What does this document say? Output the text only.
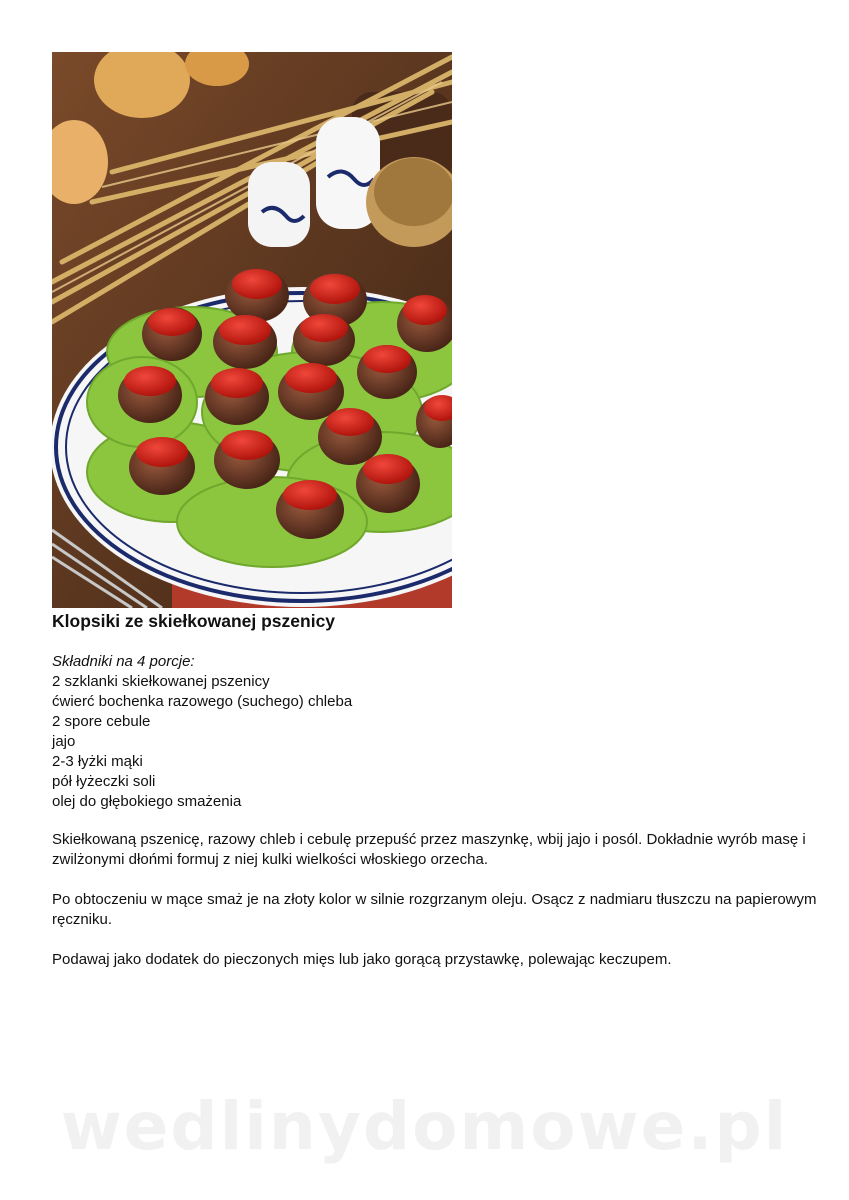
Klopsiki ze skiełkowanej pszenicy
Składniki na 4 porcje:
2 szklanki skiełkowanej pszenicy
ćwierć bochenka razowego (suchego) chleba
2 spore cebule
jajo
2-3 łyżki mąki
pół łyżeczki soli
olej do głębokiego smażenia

Skiełkowaną pszenicę, razowy chleb i cebulę przepuść przez maszynkę, wbij jajo i posól. Dokładnie wyrób masę i zwilżonymi dłońmi formuj z niej kulki wielkości włoskiego orzecha.

Po obtoczeniu w mące smaż je na złoty kolor w silnie rozgrzanym oleju. Osącz z nadmiaru tłuszczu na papierowym ręczniku.

Podawaj jako dodatek do pieczonych mięs lub jako gorącą przystawkę, polewając keczupem.

wedlinydomowe.pl
